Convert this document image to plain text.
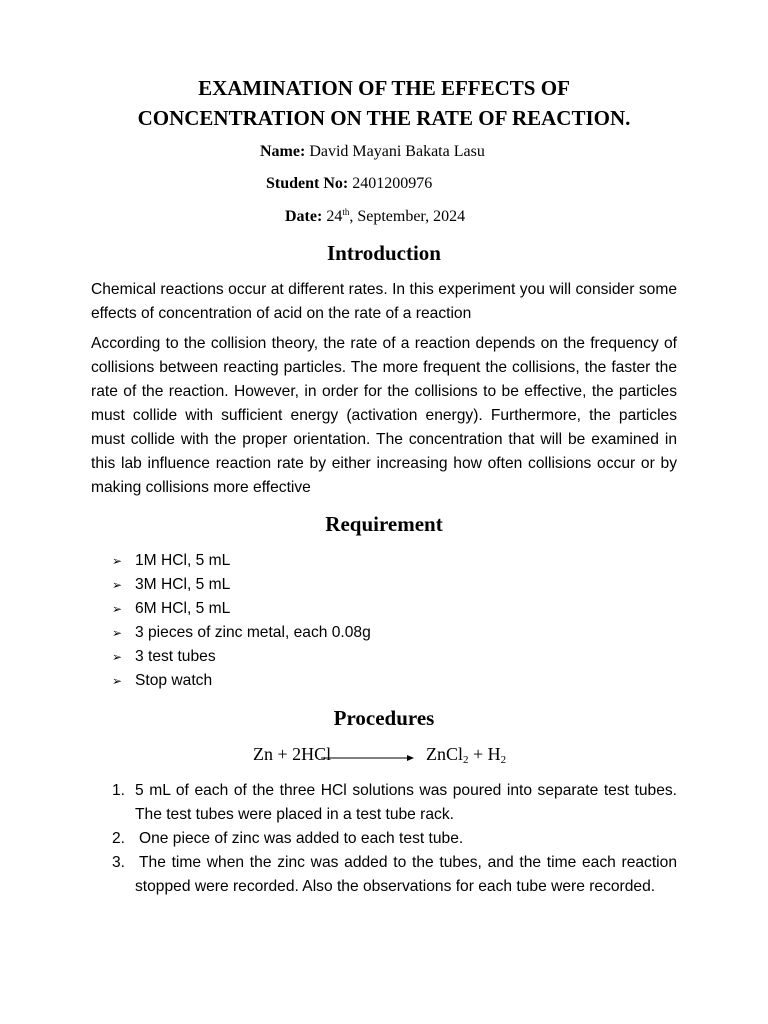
EXAMINATION OF THE EFFECTS OF
CONCENTRATION ON THE RATE OF REACTION.
Name: David Mayani Bakata Lasu
Student No: 2401200976
Date: 24th, September, 2024
Introduction

Chemical reactions occur at different rates. In this experiment you will consider some effects of concentration of acid on the rate of a reaction

According to the collision theory, the rate of a reaction depends on the frequency of collisions between reacting particles. The more frequent the collisions, the faster the rate of the reaction. However, in order for the collisions to be effective, the particles must collide with sufficient energy (activation energy). Furthermore, the particles must collide with the proper orientation. The concentration that will be examined in this lab influence reaction rate by either increasing how often collisions occur or by making collisions more effective

Requirement
➢ 1M HCl, 5 mL
➢ 3M HCl, 5 mL
➢ 6M HCl, 5 mL
➢ 3 pieces of zinc metal, each 0.08g
➢ 3 test tubes
➢ Stop watch
Procedures
Zn + 2HCl	ZnCl$_2$ + $H_2$
1. 5 mL of each of the three HCl solutions was poured into separate test tubes. The test tubes were placed in a test tube rack.
2. One piece of zinc was added to each test tube.
3. The time when the zinc was added to the tubes, and the time each reaction stopped were recorded. Also the observations for each tube were recorded.
